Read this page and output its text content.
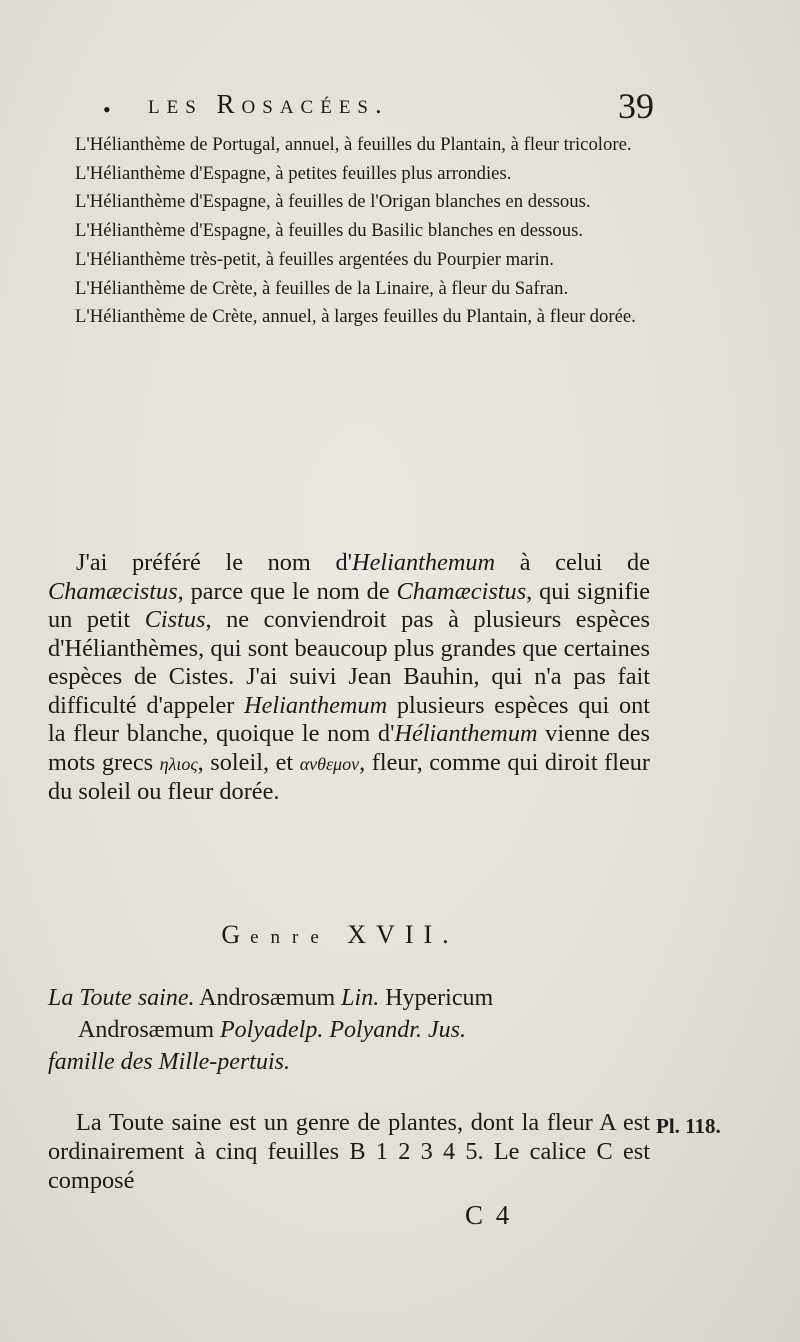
• les Rosacées.	39

L'Hélianthème de Portugal, annuel, à feuilles du Plantain, à fleur tricolore.

L'Hélianthème d'Espagne, à petites feuilles plus arrondies.

L'Hélianthème d'Espagne, à feuilles de l'Origan blanches en dessous.

L'Hélianthème d'Espagne, à feuilles du Basilic blanches en dessous.

L'Hélianthème très-petit, à feuilles argentées du Pourpier marin.

L'Hélianthème de Crète, à feuilles de la Linaire, à fleur du Safran.

L'Hélianthème de Crète, annuel, à larges feuilles du Plantain, à fleur dorée.

J'ai préféré le nom d'Helianthemum à celui de Chamæcistus, parce que le nom de Chamæcistus, qui signifie un petit Cistus, ne conviendroit pas à plusieurs espèces d'Hélianthèmes, qui sont beaucoup plus grandes que certaines espèces de Cistes. J'ai suivi Jean Bauhin, qui n'a pas fait difficulté d'appeler Helianthemum plusieurs espèces qui ont la fleur blanche, quoique le nom d'Hélianthemum vienne des mots grecs ηλιος, soleil, et ανθεμον, fleur, comme qui diroit fleur du soleil ou fleur dorée.

Genre XVII.
La Toute saine. Androsæmum Lin. Hypericum
Androsæmum Polyadelp. Polyandr. Jus.
famille des Mille-pertuis.

La Toute saine est un genre de plantes, dont la fleur A est ordinairement à cinq feuilles B 1 2 3 4 5. Le calice C est composé

Pl. 118.
C 4
